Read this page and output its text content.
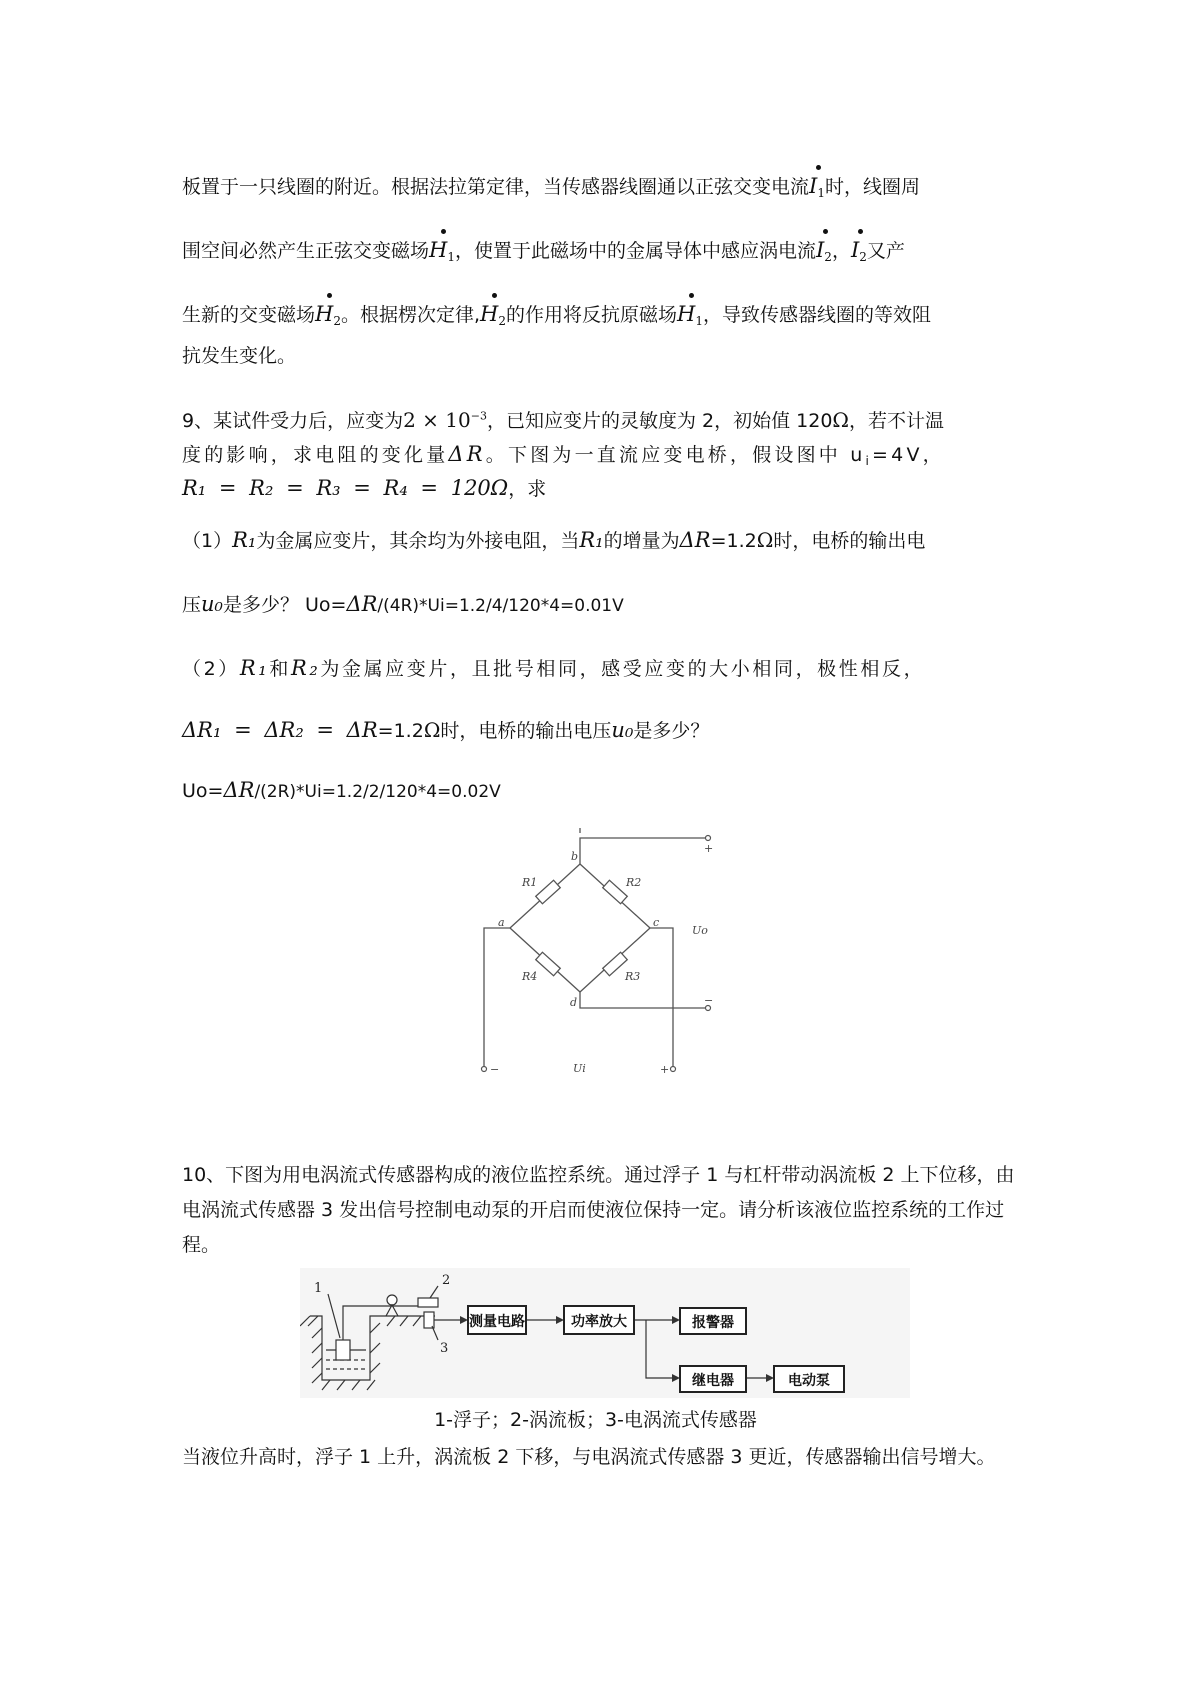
板置于一只线圈的附近。根据法拉第定律，当传感器线圈通以正弦交变电流$I_1$时，线圈周
围空间必然产生正弦交变磁场$H_1$，使置于此磁场中的金属导体中感应涡电流$I_2$，$I_2$又产
生新的交变磁场$H_2$。根据楞次定律$,H_2$的作用将反抗原磁场$H_1$，导致传感器线圈的等效阻
抗发生变化。
9、某试件受力后，应变为$2 \times 10^{-3}$，已知应变片的灵敏度为 2，初始值 120Ω，若不计温
度的影响，求电阻的变化量ΔR。下图为一直流应变电桥，假设图中 $u_i=4V$，
R₁ = R₂ = R₃ = R₄ = 120Ω，求
（1）R₁为金属应变片，其余均为外接电阻，当R₁的增量为ΔR=1.2Ω时，电桥的输出电
压u₀是多少？ Uo=ΔR/(4R)*Ui=1.2/4/120*4=0.01V
（2）R₁和R₂为金属应变片，且批号相同，感受应变的大小相同，极性相反，
ΔR₁ = ΔR₂ = ΔR=1.2Ω时，电桥的输出电压u₀是多少？
Uo=ΔR/(2R)*Ui=1.2/2/120*4=0.02V
b
a	c
d
R1	R2
R3
R4
Uo
Ui
+
−
−	+
10、下图为用电涡流式传感器构成的液位监控系统。通过浮子 1 与杠杆带动涡流板 2 上下位移，由电涡流式传感器 3 发出信号控制电动泵的开启而使液位保持一定。请分析该液位监控系统的工作过程。
测量电路	功率放大	报警器
继电器	电动泵
1
2
3
1-浮子；2-涡流板；3-电涡流式传感器
当液位升高时，浮子 1 上升，涡流板 2 下移，与电涡流式传感器 3 更近，传感器输出信号增大。
